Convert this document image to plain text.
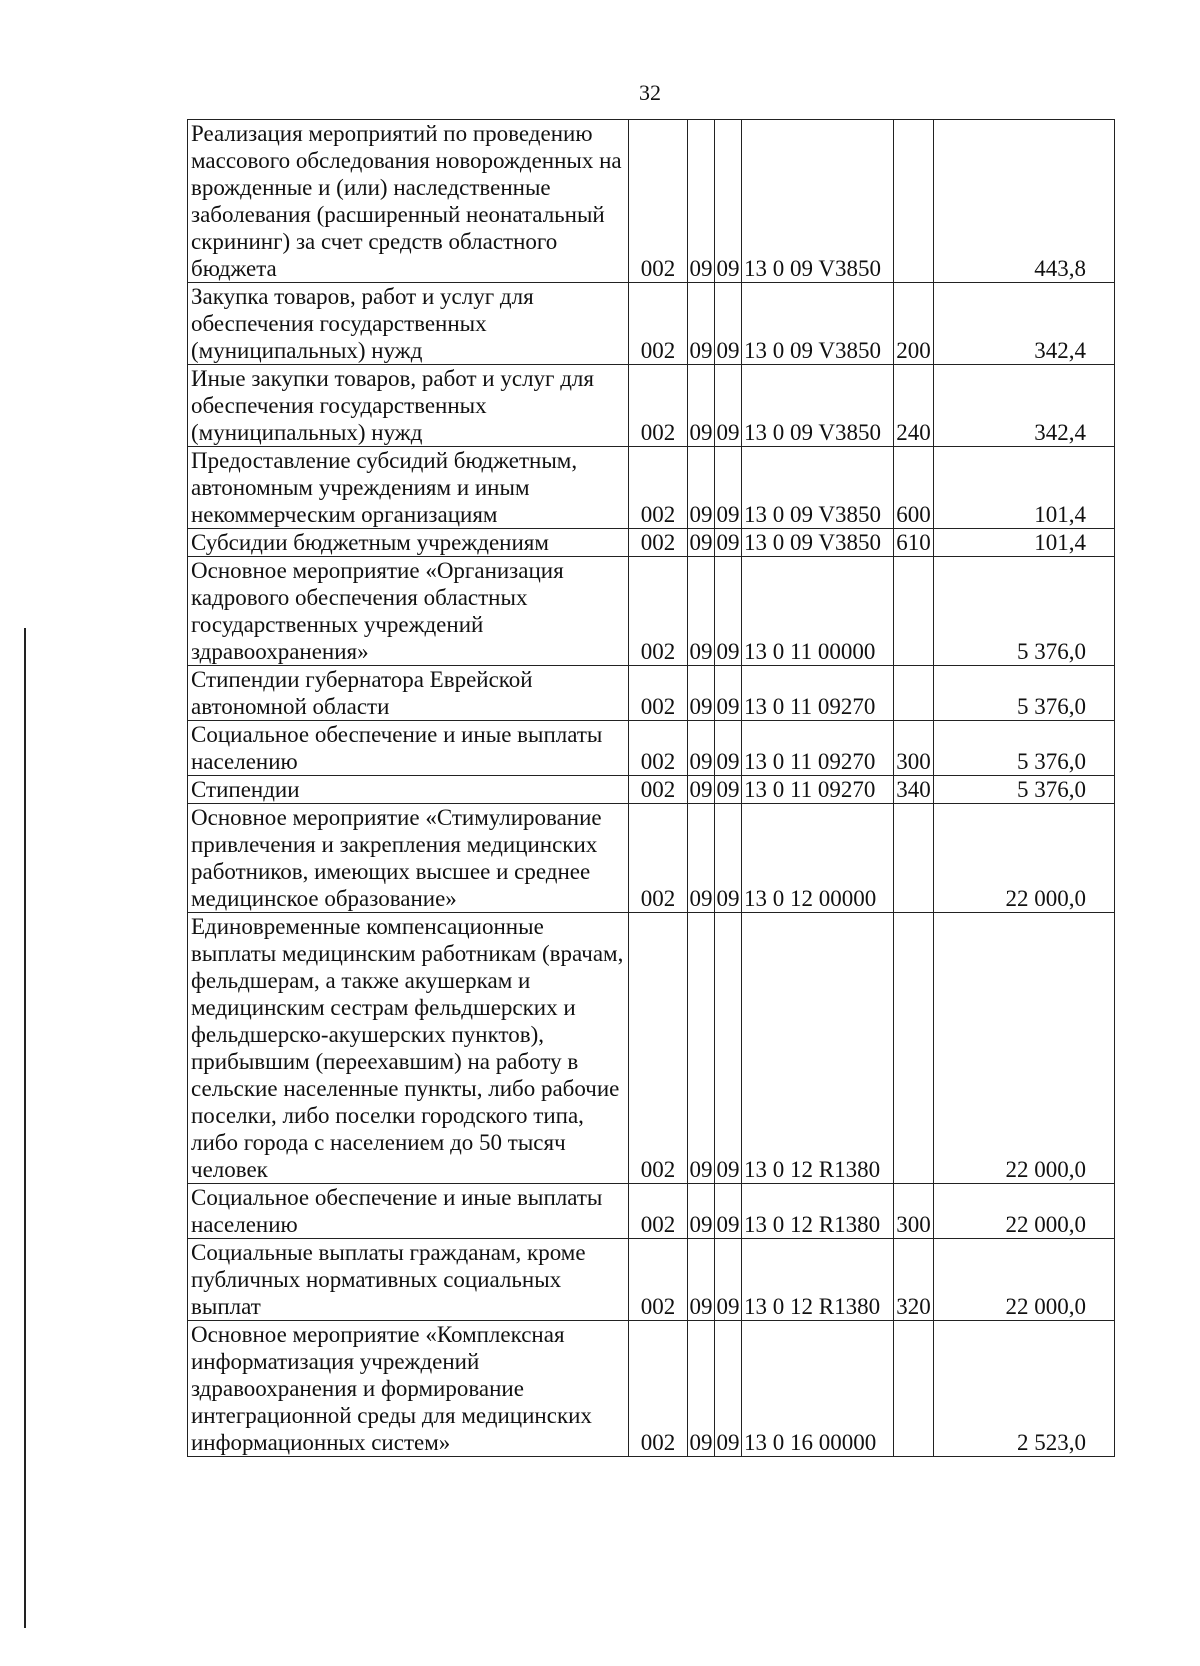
32
Реализация мероприятий по проведению массового обследования новорожденных на врожденные и (или) наследственные заболевания (расширенный неонатальный скрининг) за счет средств областного бюджета	002	09	09	13 0 09 V3850		443,8
Закупка товаров, работ и услуг для обеспечения государственных (муниципальных) нужд	002	09	09	13 0 09 V3850	200	342,4
Иные закупки товаров, работ и услуг для обеспечения государственных (муниципальных) нужд	002	09	09	13 0 09 V3850	240	342,4
Предоставление субсидий бюджетным, автономным учреждениям и иным некоммерческим организациям	002	09	09	13 0 09 V3850	600	101,4
Субсидии бюджетным учреждениям	002	09	09	13 0 09 V3850	610	101,4
Основное мероприятие «Организация кадрового обеспечения областных государственных учреждений здравоохранения»	002	09	09	13 0 11 00000		5 376,0
Стипендии губернатора Еврейской автономной области	002	09	09	13 0 11 09270		5 376,0
Социальное обеспечение и иные выплаты населению	002	09	09	13 0 11 09270	300	5 376,0
Стипендии	002	09	09	13 0 11 09270	340	5 376,0
Основное мероприятие «Стимулирование привлечения и закрепления медицинских работников, имеющих высшее и среднее медицинское образование»	002	09	09	13 0 12 00000		22 000,0
Единовременные компенсационные выплаты медицинским работникам (врачам, фельдшерам, а также акушеркам и медицинским сестрам фельдшерских и фельдшерско-акушерских пунктов), прибывшим (переехавшим) на работу в сельские населенные пункты, либо рабочие поселки, либо поселки городского типа, либо города с населением до 50 тысяч человек	002	09	09	13 0 12 R1380		22 000,0
Социальное обеспечение и иные выплаты населению	002	09	09	13 0 12 R1380	300	22 000,0
Социальные выплаты гражданам, кроме публичных нормативных социальных выплат	002	09	09	13 0 12 R1380	320	22 000,0
Основное мероприятие «Комплексная информатизация учреждений здравоохранения и формирование интеграционной среды для медицинских информационных систем»	002	09	09	13 0 16 00000		2 523,0
